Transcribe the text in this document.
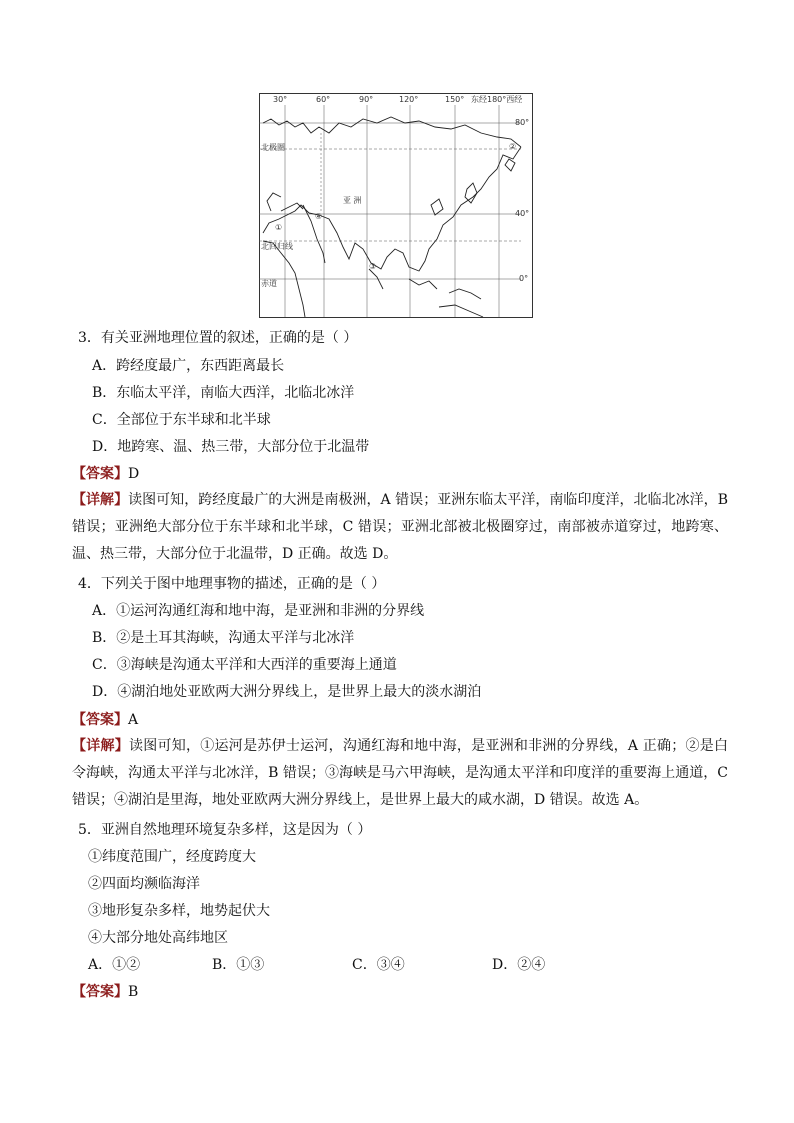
30°	60°	90°	120°	150° 东经180°西经
80°
40°
0°
北极圈
北回归线
赤道
亚 洲
①
②
③
④
3．有关亚洲地理位置的叙述，正确的是（ ）
A．跨经度最广，东西距离最长
B．东临太平洋，南临大西洋，北临北冰洋
C．全部位于东半球和北半球
D．地跨寒、温、热三带，大部分位于北温带
【答案】D
【详解】读图可知，跨经度最广的大洲是南极洲，A 错误；亚洲东临太平洋，南临印度洋，北临北冰洋，B 错误；亚洲绝大部分位于东半球和北半球，C 错误；亚洲北部被北极圈穿过，南部被赤道穿过，地跨寒、温、热三带，大部分位于北温带，D 正确。故选 D。
4．下列关于图中地理事物的描述，正确的是（ ）
A．①运河沟通红海和地中海，是亚洲和非洲的分界线
B．②是土耳其海峡，沟通太平洋与北冰洋
C．③海峡是沟通太平洋和大西洋的重要海上通道
D．④湖泊地处亚欧两大洲分界线上，是世界上最大的淡水湖泊
【答案】A
【详解】读图可知，①运河是苏伊士运河，沟通红海和地中海，是亚洲和非洲的分界线，A 正确；②是白令海峡，沟通太平洋与北冰洋，B 错误；③海峡是马六甲海峡，是沟通太平洋和印度洋的重要海上通道，C 错误；④湖泊是里海，地处亚欧两大洲分界线上，是世界上最大的咸水湖，D 错误。故选 A。
5．亚洲自然地理环境复杂多样，这是因为（ ）
①纬度范围广，经度跨度大
②四面均濒临海洋
③地形复杂多样，地势起伏大
④大部分地处高纬地区
A．①②	B．①③	C．③④	D．②④
【答案】B
